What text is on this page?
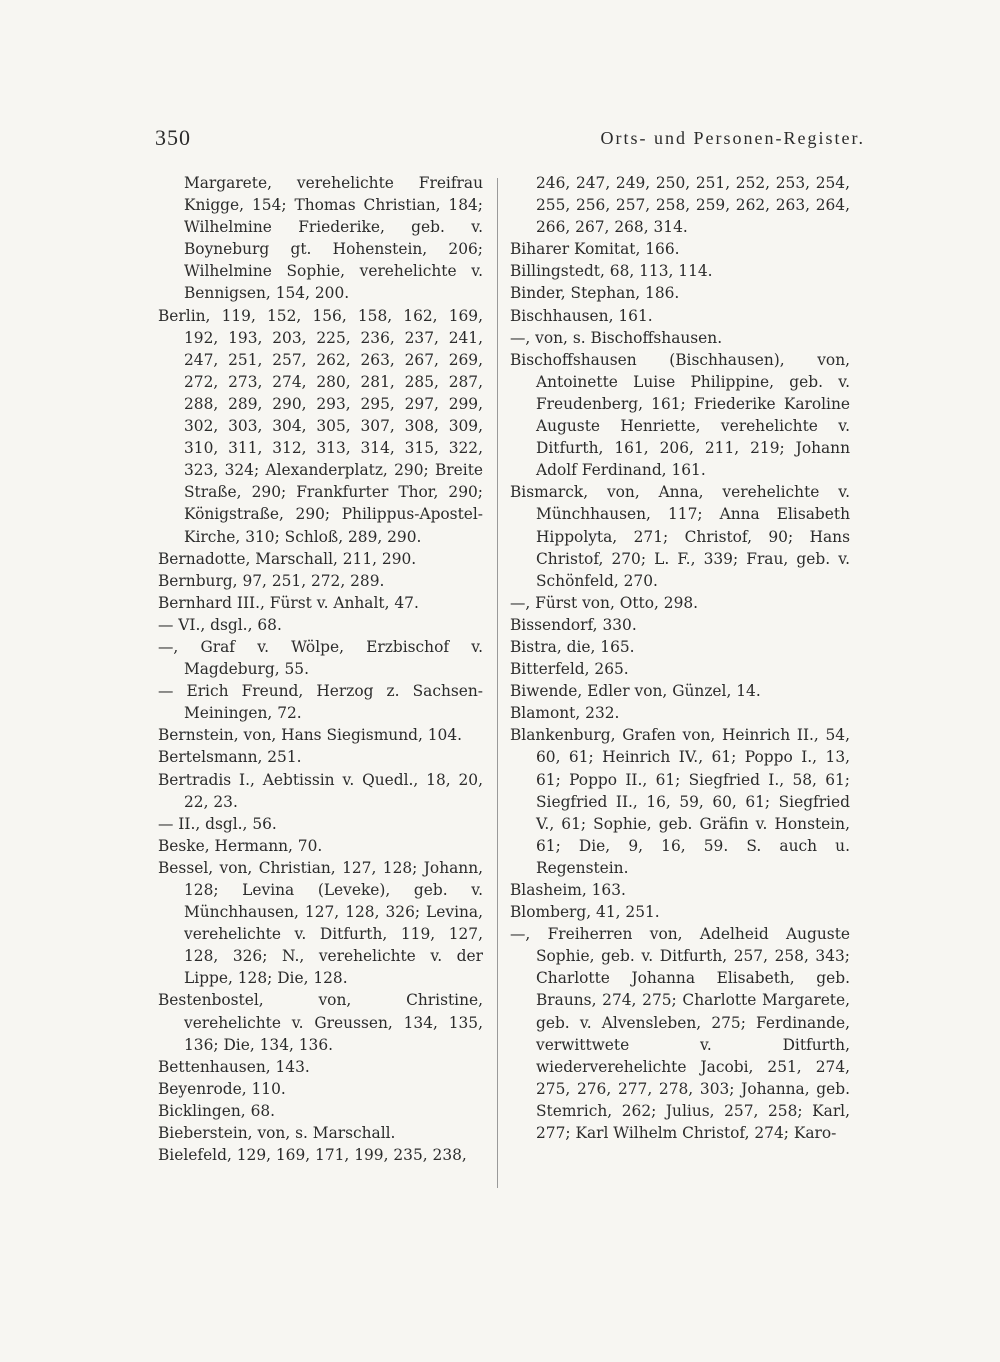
350	Orts- und Personen-Register.

Margarete, verehelichte Freifrau Knigge, 154; Thomas Christian, 184; Wilhelmine Friederike, geb. v. Boyneburg gt. Hohenstein, 206; Wilhelmine Sophie, verehelichte v. Bennigsen, 154, 200.

Berlin, 119, 152, 156, 158, 162, 169, 192, 193, 203, 225, 236, 237, 241, 247, 251, 257, 262, 263, 267, 269, 272, 273, 274, 280, 281, 285, 287, 288, 289, 290, 293, 295, 297, 299, 302, 303, 304, 305, 307, 308, 309, 310, 311, 312, 313, 314, 315, 322, 323, 324; Alexanderplatz, 290; Breite Straße, 290; Frankfurter Thor, 290; Königstraße, 290; Philippus-Apostel-Kirche, 310; Schloß, 289, 290.

Bernadotte, Marschall, 211, 290.

Bernburg, 97, 251, 272, 289.

Bernhard III., Fürst v. Anhalt, 47.

— VI., dsgl., 68.

—, Graf v. Wölpe, Erzbischof v. Magdeburg, 55.

— Erich Freund, Herzog z. Sachsen-Meiningen, 72.

Bernstein, von, Hans Siegismund, 104.

Bertelsmann, 251.

Bertradis I., Aebtissin v. Quedl., 18, 20, 22, 23.

— II., dsgl., 56.

Beske, Hermann, 70.

Bessel, von, Christian, 127, 128; Johann, 128; Levina (Leveke), geb. v. Münchhausen, 127, 128, 326; Levina, verehelichte v. Ditfurth, 119, 127, 128, 326; N., verehelichte v. der Lippe, 128; Die, 128.

Bestenbostel, von, Christine, verehelichte v. Greussen, 134, 135, 136; Die, 134, 136.

Bettenhausen, 143.

Beyenrode, 110.

Bicklingen, 68.

Bieberstein, von, s. Marschall.

Bielefeld, 129, 169, 171, 199, 235, 238,

246, 247, 249, 250, 251, 252, 253, 254, 255, 256, 257, 258, 259, 262, 263, 264, 266, 267, 268, 314.

Biharer Komitat, 166.

Billingstedt, 68, 113, 114.

Binder, Stephan, 186.

Bischhausen, 161.

—, von, s. Bischoffshausen.

Bischoffshausen (Bischhausen), von, Antoinette Luise Philippine, geb. v. Freudenberg, 161; Friederike Karoline Auguste Henriette, verehelichte v. Ditfurth, 161, 206, 211, 219; Johann Adolf Ferdinand, 161.

Bismarck, von, Anna, verehelichte v. Münchhausen, 117; Anna Elisabeth Hippolyta, 271; Christof, 90; Hans Christof, 270; L. F., 339; Frau, geb. v. Schönfeld, 270.

—, Fürst von, Otto, 298.

Bissendorf, 330.

Bistra, die, 165.

Bitterfeld, 265.

Biwende, Edler von, Günzel, 14.

Blamont, 232.

Blankenburg, Grafen von, Heinrich II., 54, 60, 61; Heinrich IV., 61; Poppo I., 13, 61; Poppo II., 61; Siegfried I., 58, 61; Siegfried II., 16, 59, 60, 61; Siegfried V., 61; Sophie, geb. Gräfin v. Honstein, 61; Die, 9, 16, 59. S. auch u. Regenstein.

Blasheim, 163.

Blomberg, 41, 251.

—, Freiherren von, Adelheid Auguste Sophie, geb. v. Ditfurth, 257, 258, 343; Charlotte Johanna Elisabeth, geb. Brauns, 274, 275; Charlotte Margarete, geb. v. Alvensleben, 275; Ferdinande, verwittwete v. Ditfurth, wiederverehelichte Jacobi, 251, 274, 275, 276, 277, 278, 303; Johanna, geb. Stemrich, 262; Julius, 257, 258; Karl, 277; Karl Wilhelm Christof, 274; Karo-
